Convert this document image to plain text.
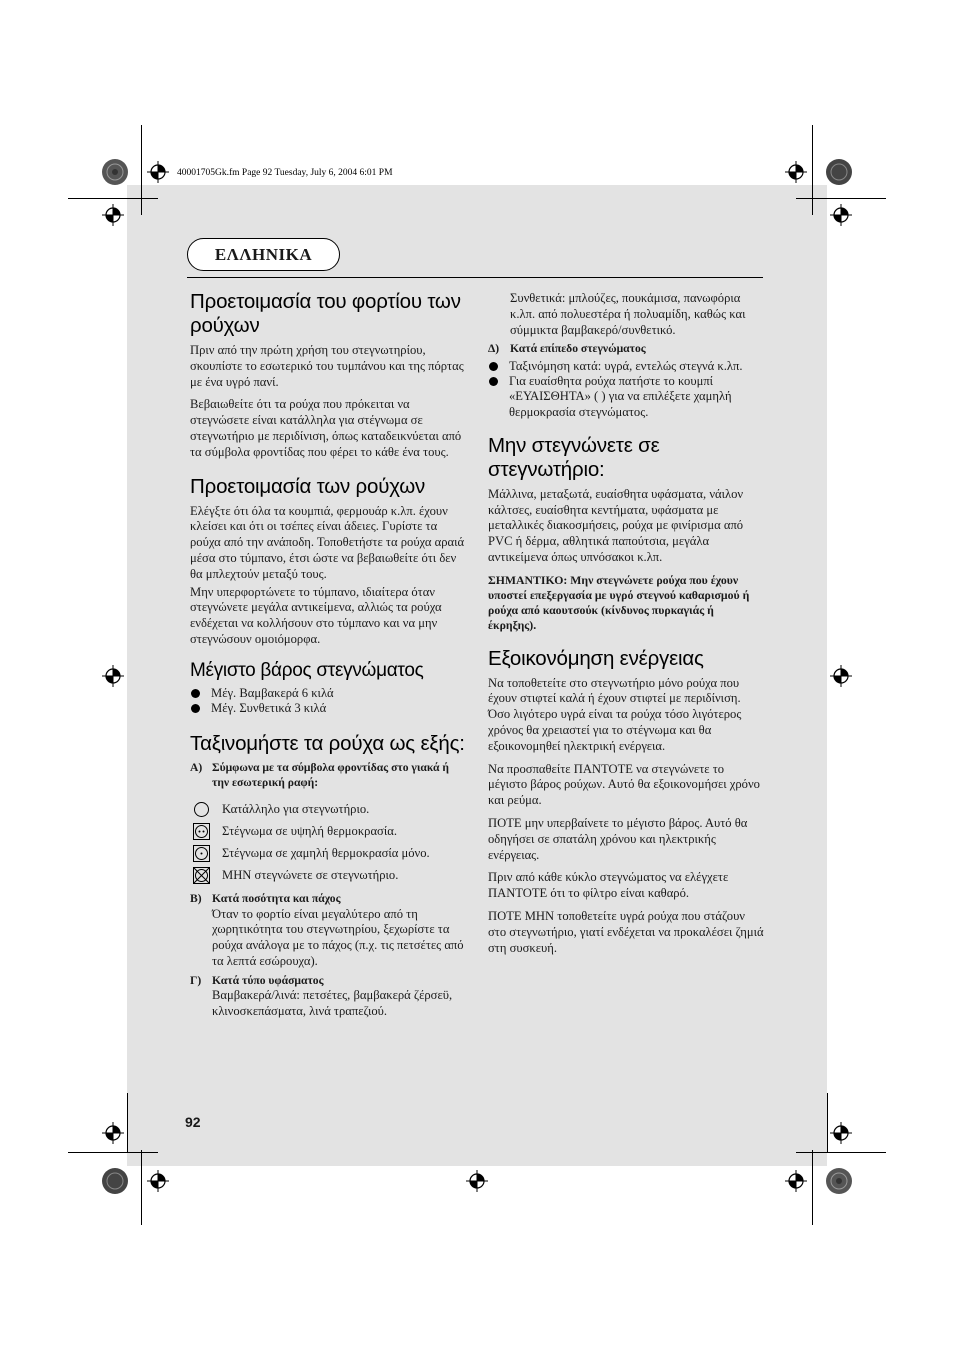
40001705Gk.fm Page 92 Tuesday, July 6, 2004 6:01 PM
ΕΛΛΗΝΙΚΑ
Προετοιμασία του φορτίου των ρούχων

Πριν από την πρώτη χρήση του στεγνωτηρίου, σκουπίστε το εσωτερικό του τυμπάνου και της πόρτας με ένα υγρό πανί.

Βεβαιωθείτε ότι τα ρούχα που πρόκειται να στεγνώσετε είναι κατάλληλα για στέγνωμα σε στεγνωτήριο με περιδίνιση, όπως καταδεικνύεται από τα σύμβολα φροντίδας που φέρει το κάθε ένα τους.

Προετοιμασία των ρούχων

Ελέγξτε ότι όλα τα κουμπιά, φερμουάρ κ.λπ. έχουν κλείσει και ότι οι τσέπες είναι άδειες. Γυρίστε τα ρούχα από την ανάποδη. Τοποθετήστε τα ρούχα αραιά μέσα στο τύμπανο, έτσι ώστε να βεβαιωθείτε ότι δεν θα μπλεχτούν μεταξύ τους.

Μην υπερφορτώνετε το τύμπανο, ιδιαίτερα όταν στεγνώνετε μεγάλα αντικείμενα, αλλιώς τα ρούχα ενδέχεται να κολλήσουν στο τύμπανο και να μην στεγνώσουν ομοιόμορφα.

Μέγιστο βάρος στεγνώματος
Μέγ. Βαμβακερά 6 κιλά
Μέγ. Συνθετικά 3 κιλά
Ταξινομήστε τα ρούχα ως εξής:
Α) Σύμφωνα με τα σύμβολα φροντίδας στο γιακά ή την εσωτερική ραφή:
Κατάλληλο για στεγνωτήριο.
Στέγνωμα σε υψηλή θερμοκρασία.
Στέγνωμα σε χαμηλή θερμοκρασία μόνο.
ΜΗΝ στεγνώνετε σε στεγνωτήριο.
Β) Κατά ποσότητα και πάχος
Όταν το φορτίο είναι μεγαλύτερο από τη χωρητικότητα του στεγνωτηρίου, ξεχωρίστε τα ρούχα ανάλογα με το πάχος (π.χ. τις πετσέτες από τα λεπτά εσώρουχα).
Γ) Κατά τύπο υφάσματος
Βαμβακερά/λινά: πετσέτες, βαμβακερά ζέρσεϋ, κλινοσκεπάσματα, λινά τραπεζιού.
Συνθετικά: μπλούζες, πουκάμισα, πανωφόρια κ.λπ. από πολυεστέρα ή πολυαμίδη, καθώς και σύμμικτα βαμβακερό/συνθετικό.
Δ) Κατά επίπεδο στεγνώματος
Ταξινόμηση κατά: υγρά, εντελώς στεγνά κ.λπ.
Για ευαίσθητα ρούχα πατήστε το κουμπί «ΕΥΑΙΣΘΗΤΑ» ( ) για να επιλέξετε χαμηλή θερμοκρασία στεγνώματος.
Μην στεγνώνετε σε στεγνωτήριο:

Μάλλινα, μεταξωτά, ευαίσθητα υφάσματα, νάιλον κάλτσες, ευαίσθητα κεντήματα, υφάσματα με μεταλλικές διακοσμήσεις, ρούχα με φινίρισμα από PVC ή δέρμα, αθλητικά παπούτσια, μεγάλα αντικείμενα όπως υπνόσακοι κ.λπ.

ΣΗΜΑΝΤΙΚΟ: Μην στεγνώνετε ρούχα που έχουν υποστεί επεξεργασία με υγρό στεγνού καθαρισμού ή ρούχα από καουτσούκ (κίνδυνος πυρκαγιάς ή έκρηξης).

Εξοικονόμηση ενέργειας

Να τοποθετείτε στο στεγνωτήριο μόνο ρούχα που έχουν στιφτεί καλά ή έχουν στιφτεί με περιδίνιση. Όσο λιγότερο υγρά είναι τα ρούχα τόσο λιγότερος χρόνος θα χρειαστεί για το στέγνωμα και θα εξοικονομηθεί ηλεκτρική ενέργεια.

Να προσπαθείτε ΠΑΝΤΟΤΕ να στεγνώνετε το μέγιστο βάρος ρούχων. Αυτό θα εξοικονομήσει χρόνο και ρεύμα.

ΠΟΤΕ μην υπερβαίνετε το μέγιστο βάρος. Αυτό θα οδηγήσει σε σπατάλη χρόνου και ηλεκτρικής ενέργειας.

Πριν από κάθε κύκλο στεγνώματος να ελέγχετε ΠΑΝΤΟΤΕ ότι το φίλτρο είναι καθαρό.

ΠΟΤΕ ΜΗΝ τοποθετείτε υγρά ρούχα που στάζουν στο στεγνωτήριο, γιατί ενδέχεται να προκαλέσει ζημιά στη συσκευή.

92
